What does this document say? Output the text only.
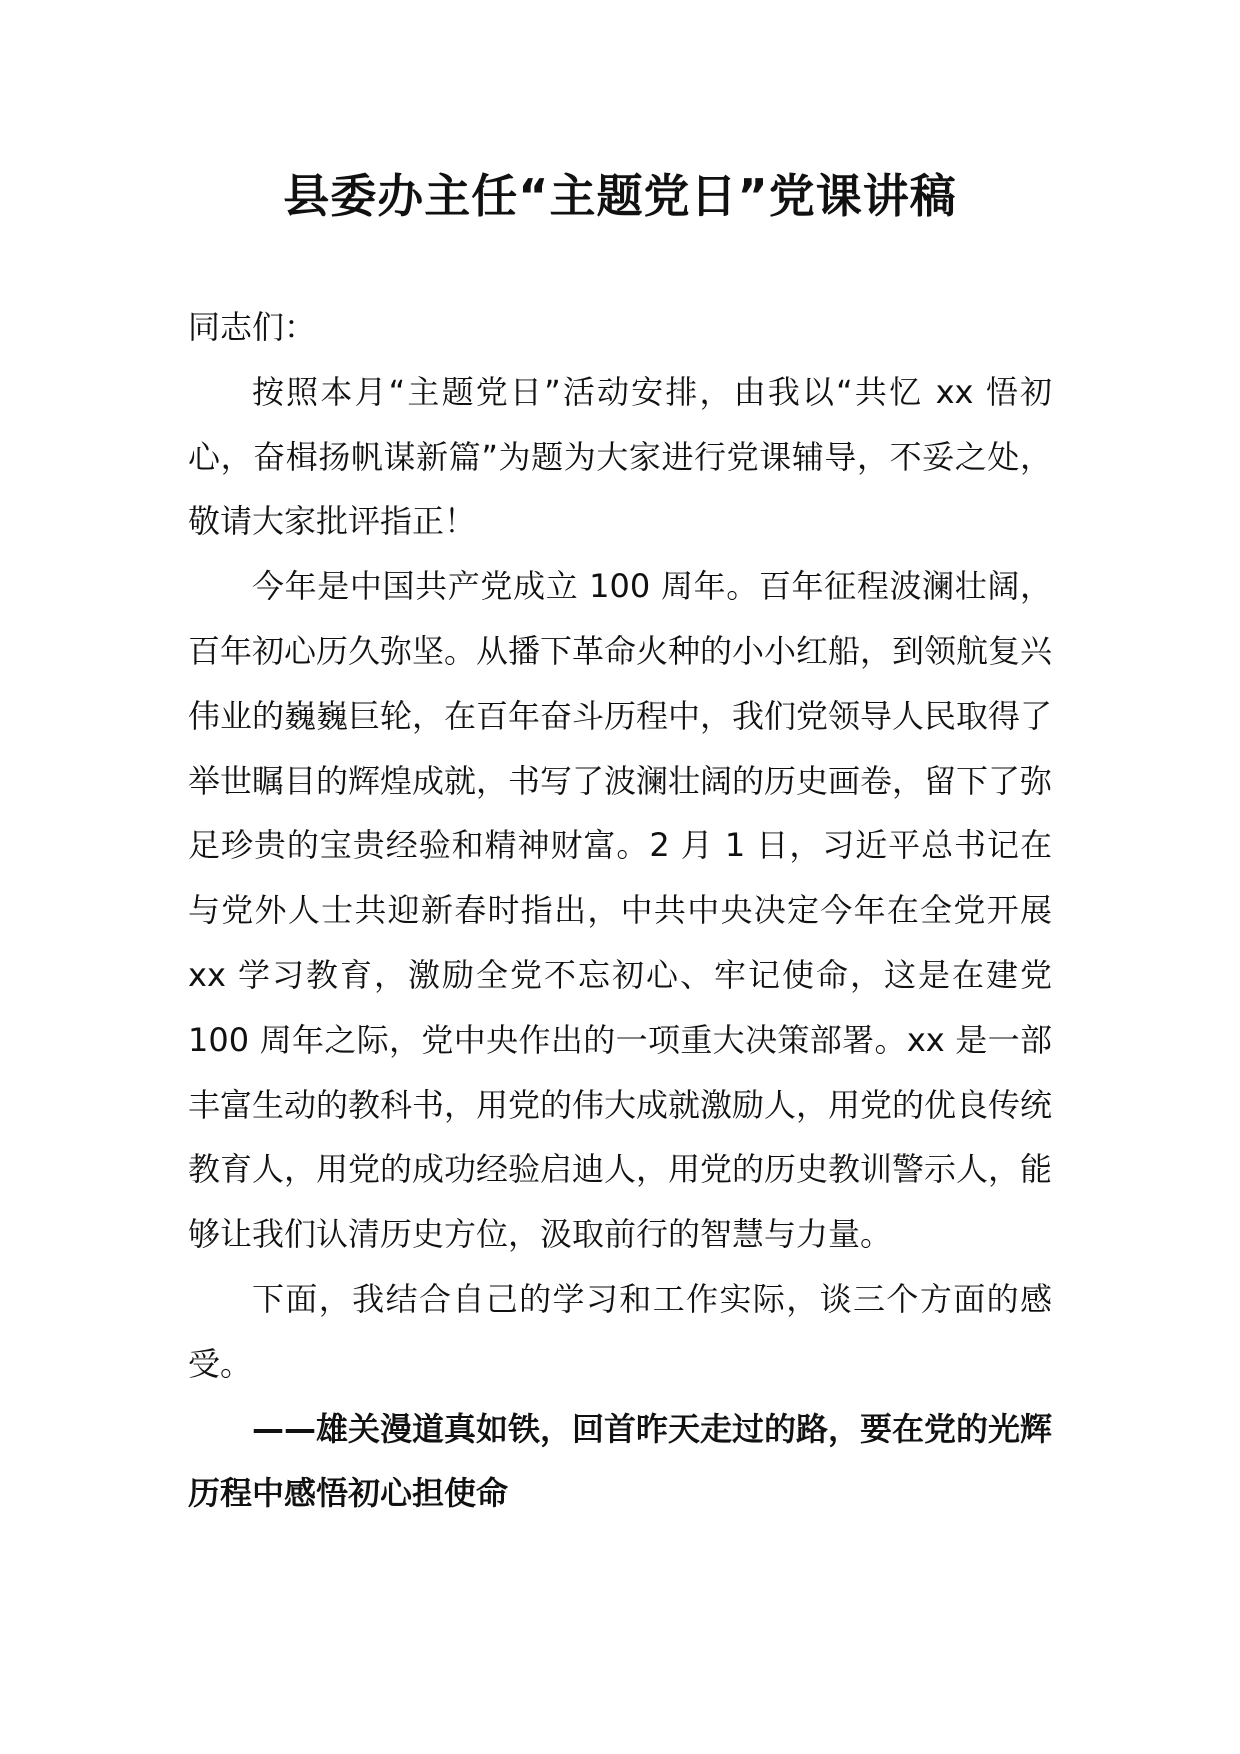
县委办主任“主题党日”党课讲稿

同志们：

按照本月“主题党日”活动安排，由我以“共忆 xx 悟初心，奋楫扬帆谋新篇”为题为大家进行党课辅导，不妥之处，敬请大家批评指正！

今年是中国共产党成立 100 周年。百年征程波澜壮阔，百年初心历久弥坚。从播下革命火种的小小红船，到领航复兴伟业的巍巍巨轮，在百年奋斗历程中，我们党领导人民取得了举世瞩目的辉煌成就，书写了波澜壮阔的历史画卷，留下了弥足珍贵的宝贵经验和精神财富。2 月 1 日，习近平总书记在与党外人士共迎新春时指出，中共中央决定今年在全党开展 xx 学习教育，激励全党不忘初心、牢记使命，这是在建党 100 周年之际，党中央作出的一项重大决策部署。xx 是一部丰富生动的教科书，用党的伟大成就激励人，用党的优良传统教育人，用党的成功经验启迪人，用党的历史教训警示人，能够让我们认清历史方位，汲取前行的智慧与力量。

下面，我结合自己的学习和工作实际，谈三个方面的感受。

——雄关漫道真如铁，回首昨天走过的路，要在党的光辉历程中感悟初心担使命
